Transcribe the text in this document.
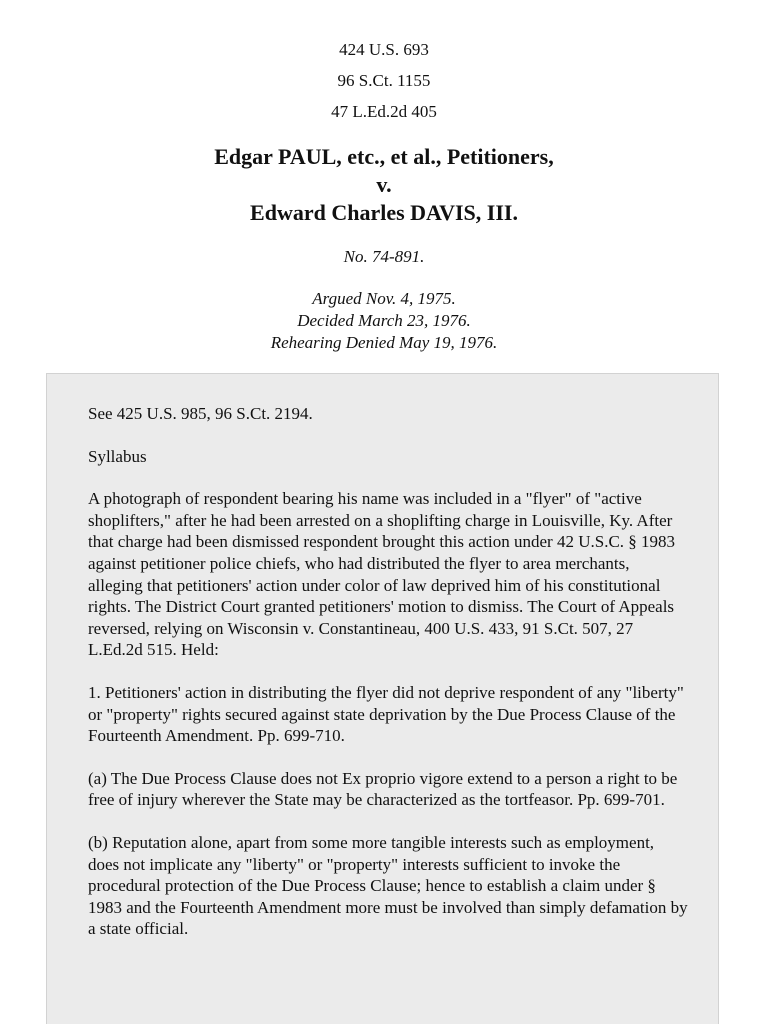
424 U.S. 693
96 S.Ct. 1155
47 L.Ed.2d 405
Edgar PAUL, etc., et al., Petitioners,
v.
Edward Charles DAVIS, III.
No. 74-891.
Argued Nov. 4, 1975.
Decided March 23, 1976.
Rehearing Denied May 19, 1976.

See 425 U.S. 985, 96 S.Ct. 2194.

Syllabus

A photograph of respondent bearing his name was included in a "flyer" of "active shoplifters," after he had been arrested on a shoplifting charge in Louisville, Ky. After that charge had been dismissed respondent brought this action under 42 U.S.C. § 1983 against petitioner police chiefs, who had distributed the flyer to area merchants, alleging that petitioners' action under color of law deprived him of his constitutional rights. The District Court granted petitioners' motion to dismiss. The Court of Appeals reversed, relying on Wisconsin v. Constantineau, 400 U.S. 433, 91 S.Ct. 507, 27 L.Ed.2d 515. Held:

1. Petitioners' action in distributing the flyer did not deprive respondent of any "liberty" or "property" rights secured against state deprivation by the Due Process Clause of the Fourteenth Amendment. Pp. 699-710.

(a) The Due Process Clause does not Ex proprio vigore extend to a person a right to be free of injury wherever the State may be characterized as the tortfeasor. Pp. 699-701.

(b) Reputation alone, apart from some more tangible interests such as employment, does not implicate any "liberty" or "property" interests sufficient to invoke the procedural protection of the Due Process Clause; hence to establish a claim under § 1983 and the Fourteenth Amendment more must be involved than simply defamation by a state official.
